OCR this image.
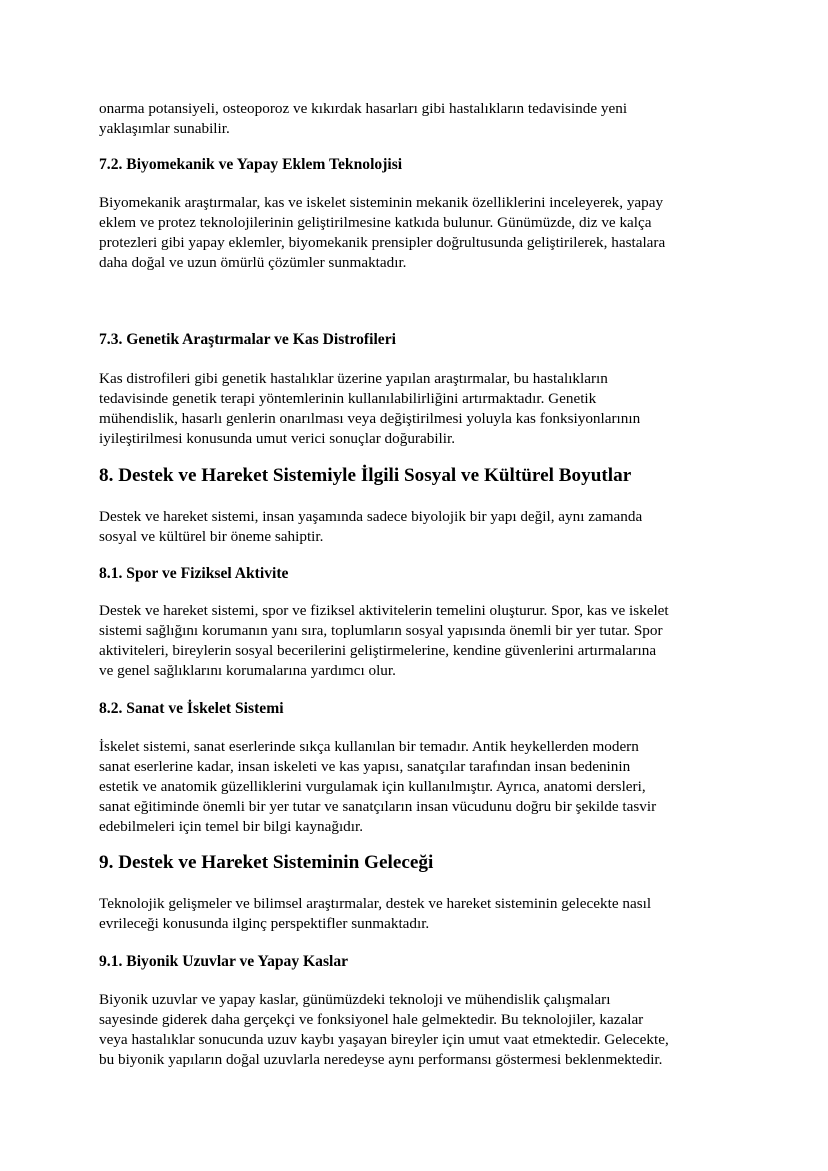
onarma potansiyeli, osteoporoz ve kıkırdak hasarları gibi hastalıkların tedavisinde yeni
yaklaşımlar sunabilir.
7.2. Biyomekanik ve Yapay Eklem Teknolojisi
Biyomekanik araştırmalar, kas ve iskelet sisteminin mekanik özelliklerini inceleyerek, yapay
eklem ve protez teknolojilerinin geliştirilmesine katkıda bulunur. Günümüzde, diz ve kalça
protezleri gibi yapay eklemler, biyomekanik prensipler doğrultusunda geliştirilerek, hastalara
daha doğal ve uzun ömürlü çözümler sunmaktadır.
7.3. Genetik Araştırmalar ve Kas Distrofileri
Kas distrofileri gibi genetik hastalıklar üzerine yapılan araştırmalar, bu hastalıkların
tedavisinde genetik terapi yöntemlerinin kullanılabilirliğini artırmaktadır. Genetik
mühendislik, hasarlı genlerin onarılması veya değiştirilmesi yoluyla kas fonksiyonlarının
iyileştirilmesi konusunda umut verici sonuçlar doğurabilir.
8. Destek ve Hareket Sistemiyle İlgili Sosyal ve Kültürel Boyutlar
Destek ve hareket sistemi, insan yaşamında sadece biyolojik bir yapı değil, aynı zamanda
sosyal ve kültürel bir öneme sahiptir.
8.1. Spor ve Fiziksel Aktivite
Destek ve hareket sistemi, spor ve fiziksel aktivitelerin temelini oluşturur. Spor, kas ve iskelet
sistemi sağlığını korumanın yanı sıra, toplumların sosyal yapısında önemli bir yer tutar. Spor
aktiviteleri, bireylerin sosyal becerilerini geliştirmelerine, kendine güvenlerini artırmalarına
ve genel sağlıklarını korumalarına yardımcı olur.
8.2. Sanat ve İskelet Sistemi
İskelet sistemi, sanat eserlerinde sıkça kullanılan bir temadır. Antik heykellerden modern
sanat eserlerine kadar, insan iskeleti ve kas yapısı, sanatçılar tarafından insan bedeninin
estetik ve anatomik güzelliklerini vurgulamak için kullanılmıştır. Ayrıca, anatomi dersleri,
sanat eğitiminde önemli bir yer tutar ve sanatçıların insan vücudunu doğru bir şekilde tasvir
edebilmeleri için temel bir bilgi kaynağıdır.
9. Destek ve Hareket Sisteminin Geleceği
Teknolojik gelişmeler ve bilimsel araştırmalar, destek ve hareket sisteminin gelecekte nasıl
evrileceği konusunda ilginç perspektifler sunmaktadır.
9.1. Biyonik Uzuvlar ve Yapay Kaslar
Biyonik uzuvlar ve yapay kaslar, günümüzdeki teknoloji ve mühendislik çalışmaları
sayesinde giderek daha gerçekçi ve fonksiyonel hale gelmektedir. Bu teknolojiler, kazalar
veya hastalıklar sonucunda uzuv kaybı yaşayan bireyler için umut vaat etmektedir. Gelecekte,
bu biyonik yapıların doğal uzuvlarla neredeyse aynı performansı göstermesi beklenmektedir.
